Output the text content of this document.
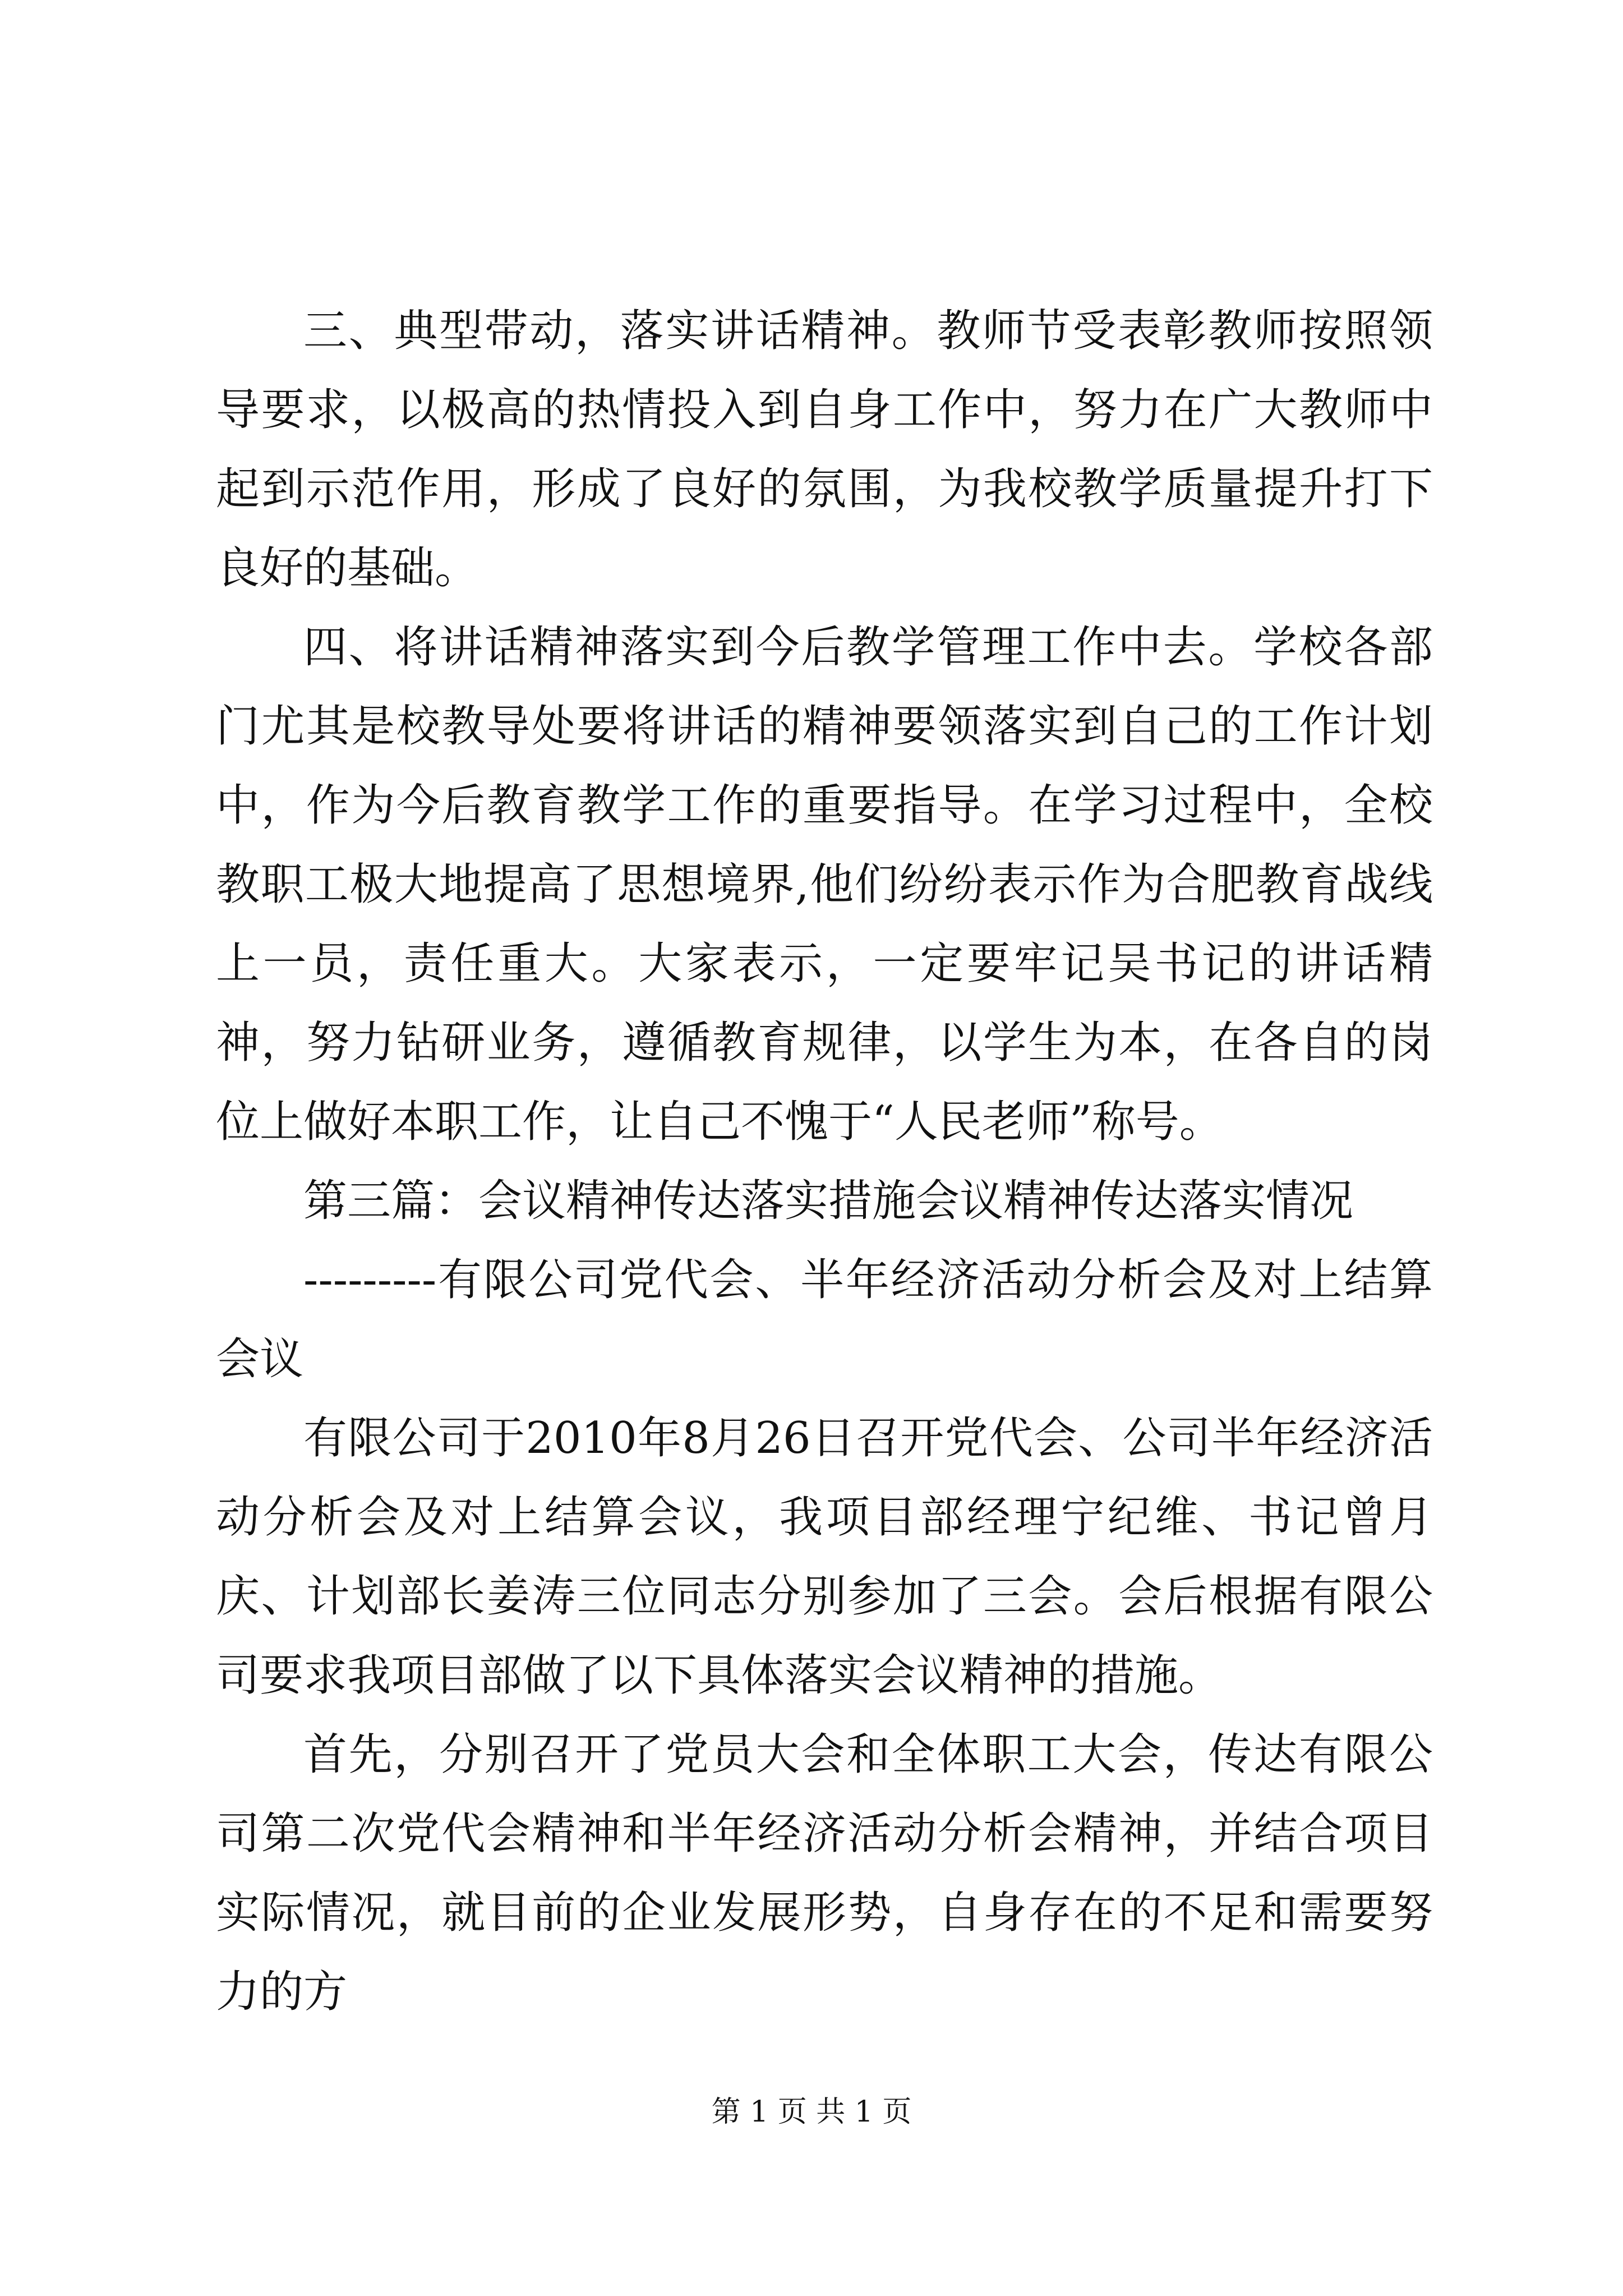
三、典型带动，落实讲话精神。教师节受表彰教师按照领导要求，以极高的热情投入到自身工作中，努力在广大教师中起到示范作用，形成了良好的氛围，为我校教学质量提升打下良好的基础。

四、将讲话精神落实到今后教学管理工作中去。学校各部门尤其是校教导处要将讲话的精神要领落实到自己的工作计划中，作为今后教育教学工作的重要指导。在学习过程中，全校教职工极大地提高了思想境界,他们纷纷表示作为合肥教育战线上一员，责任重大。大家表示，一定要牢记吴书记的讲话精神，努力钻研业务，遵循教育规律，以学生为本，在各自的岗位上做好本职工作，让自己不愧于“人民老师”称号。

第三篇：会议精神传达落实措施会议精神传达落实情况

---------有限公司党代会、半年经济活动分析会及对上结算会议

有限公司于2010年8月26日召开党代会、公司半年经济活动分析会及对上结算会议，我项目部经理宁纪维、书记曾月庆、计划部长姜涛三位同志分别参加了三会。会后根据有限公司要求我项目部做了以下具体落实会议精神的措施。

首先，分别召开了党员大会和全体职工大会，传达有限公司第二次党代会精神和半年经济活动分析会精神，并结合项目实际情况，就目前的企业发展形势，自身存在的不足和需要努力的方

第 1 页 共 1 页
